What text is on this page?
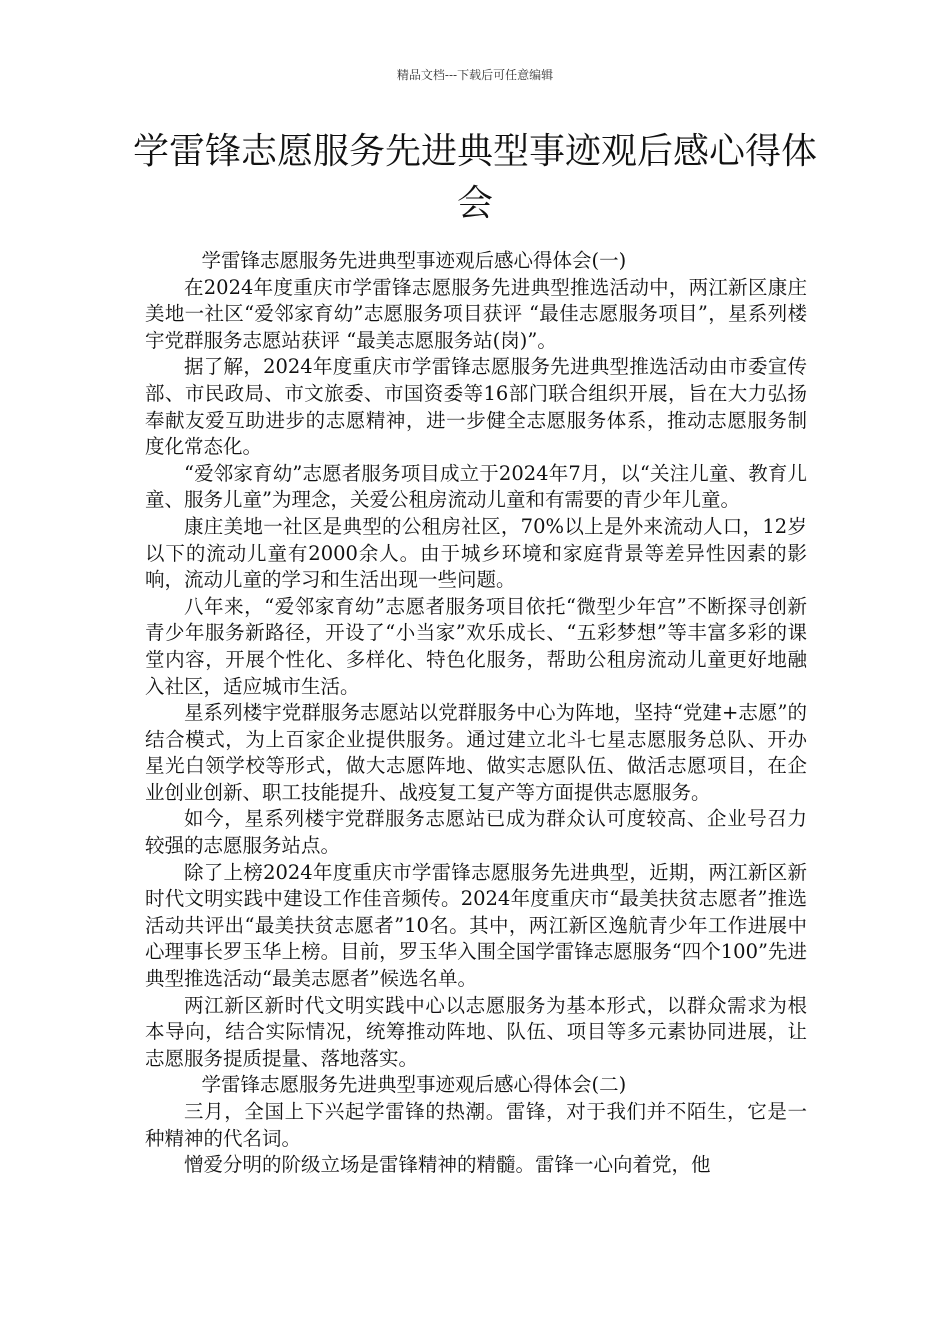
精品文档---下载后可任意编辑
学雷锋志愿服务先进典型事迹观后感心得体会

学雷锋志愿服务先进典型事迹观后感心得体会(一)

在2024年度重庆市学雷锋志愿服务先进典型推选活动中，两江新区康庄美地一社区“爱邻家育幼”志愿服务项目获评 “最佳志愿服务项目”，星系列楼宇党群服务志愿站获评 “最美志愿服务站(岗)”。

据了解，2024年度重庆市学雷锋志愿服务先进典型推选活动由市委宣传部、市民政局、市文旅委、市国资委等16部门联合组织开展，旨在大力弘扬奉献友爱互助进步的志愿精神，进一步健全志愿服务体系，推动志愿服务制度化常态化。

“爱邻家育幼”志愿者服务项目成立于2024年7月，以“关注儿童、教育儿童、服务儿童”为理念，关爱公租房流动儿童和有需要的青少年儿童。

康庄美地一社区是典型的公租房社区，70%以上是外来流动人口，12岁以下的流动儿童有2000余人。由于城乡环境和家庭背景等差异性因素的影响，流动儿童的学习和生活出现一些问题。

八年来，“爱邻家育幼”志愿者服务项目依托“微型少年宫”不断探寻创新青少年服务新路径，开设了“小当家”欢乐成长、“五彩梦想”等丰富多彩的课堂内容，开展个性化、多样化、特色化服务，帮助公租房流动儿童更好地融入社区，适应城市生活。

星系列楼宇党群服务志愿站以党群服务中心为阵地，坚持“党建+志愿”的结合模式，为上百家企业提供服务。通过建立北斗七星志愿服务总队、开办星光白领学校等形式，做大志愿阵地、做实志愿队伍、做活志愿项目，在企业创业创新、职工技能提升、战疫复工复产等方面提供志愿服务。

如今，星系列楼宇党群服务志愿站已成为群众认可度较高、企业号召力较强的志愿服务站点。

除了上榜2024年度重庆市学雷锋志愿服务先进典型，近期，两江新区新时代文明实践中建设工作佳音频传。2024年度重庆市“最美扶贫志愿者”推选活动共评出“最美扶贫志愿者”10名。其中，两江新区逸航青少年工作进展中心理事长罗玉华上榜。目前，罗玉华入围全国学雷锋志愿服务“四个100”先进典型推选活动“最美志愿者”候选名单。

两江新区新时代文明实践中心以志愿服务为基本形式，以群众需求为根本导向，结合实际情况，统筹推动阵地、队伍、项目等多元素协同进展，让志愿服务提质提量、落地落实。

学雷锋志愿服务先进典型事迹观后感心得体会(二)

三月，全国上下兴起学雷锋的热潮。雷锋，对于我们并不陌生，它是一种精神的代名词。

憎爱分明的阶级立场是雷锋精神的精髓。雷锋一心向着党，他
